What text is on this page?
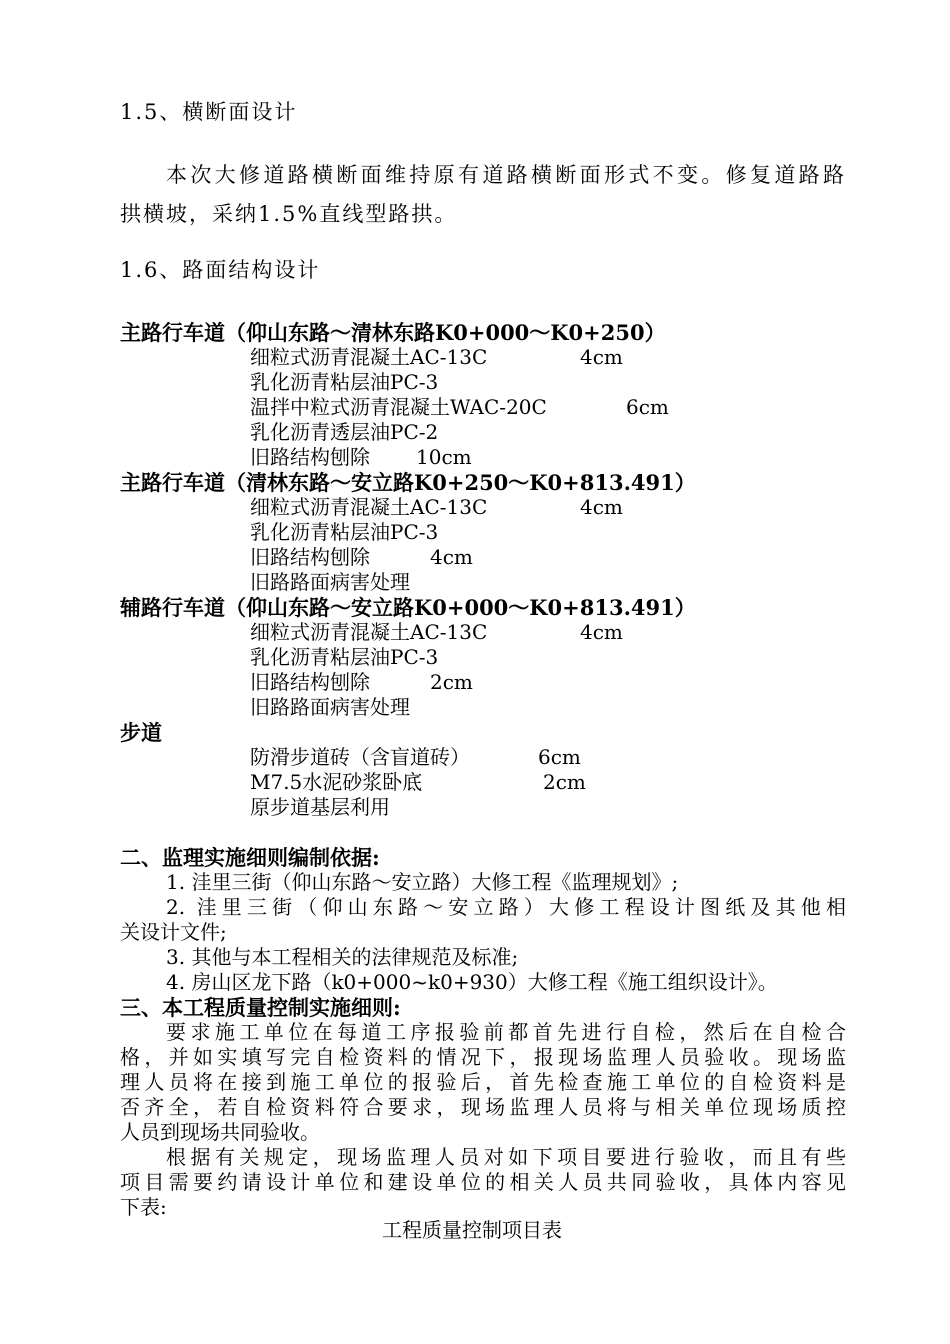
1.5、横断面设计
本次大修道路横断面维持原有道路横断面形式不变。修复道路路
拱横坡，采纳1.5%直线型路拱。
1.6、路面结构设计
主路行车道（仰山东路～清林东路K0+000～K0+250）
细粒式沥青混凝土AC-13C	4cm
乳化沥青粘层油PC-3
温拌中粒式沥青混凝土WAC-20C	6cm
乳化沥青透层油PC-2
旧路结构刨除 10cm
主路行车道（清林东路～安立路K0+250～K0+813.491）
细粒式沥青混凝土AC-13C	4cm
乳化沥青粘层油PC-3
旧路结构刨除	4cm
旧路路面病害处理
辅路行车道（仰山东路～安立路K0+000～K0+813.491）
细粒式沥青混凝土AC-13C	4cm
乳化沥青粘层油PC-3
旧路结构刨除	2cm
旧路路面病害处理
步道
防滑步道砖（含盲道砖）	6cm
M7.5水泥砂浆卧底	2cm
原步道基层利用
二、监理实施细则编制依据:
1. 洼里三街（仰山东路～安立路）大修工程《监理规划》;
2. 洼里三街（仰山东路～安立路）大修工程设计图纸及其他相
关设计文件;
3. 其他与本工程相关的法律规范及标准;
4. 房山区龙下路（k0+000~k0+930）大修工程《施工组织设计》。
三、本工程质量控制实施细则:
要求施工单位在每道工序报验前都首先进行自检，然后在自检合
格，并如实填写完自检资料的情况下，报现场监理人员验收。现场监
理人员将在接到施工单位的报验后，首先检查施工单位的自检资料是
否齐全，若自检资料符合要求，现场监理人员将与相关单位现场质控
人员到现场共同验收。
根据有关规定，现场监理人员对如下项目要进行验收，而且有些
项目需要约请设计单位和建设单位的相关人员共同验收，具体内容见
下表:
工程质量控制项目表
